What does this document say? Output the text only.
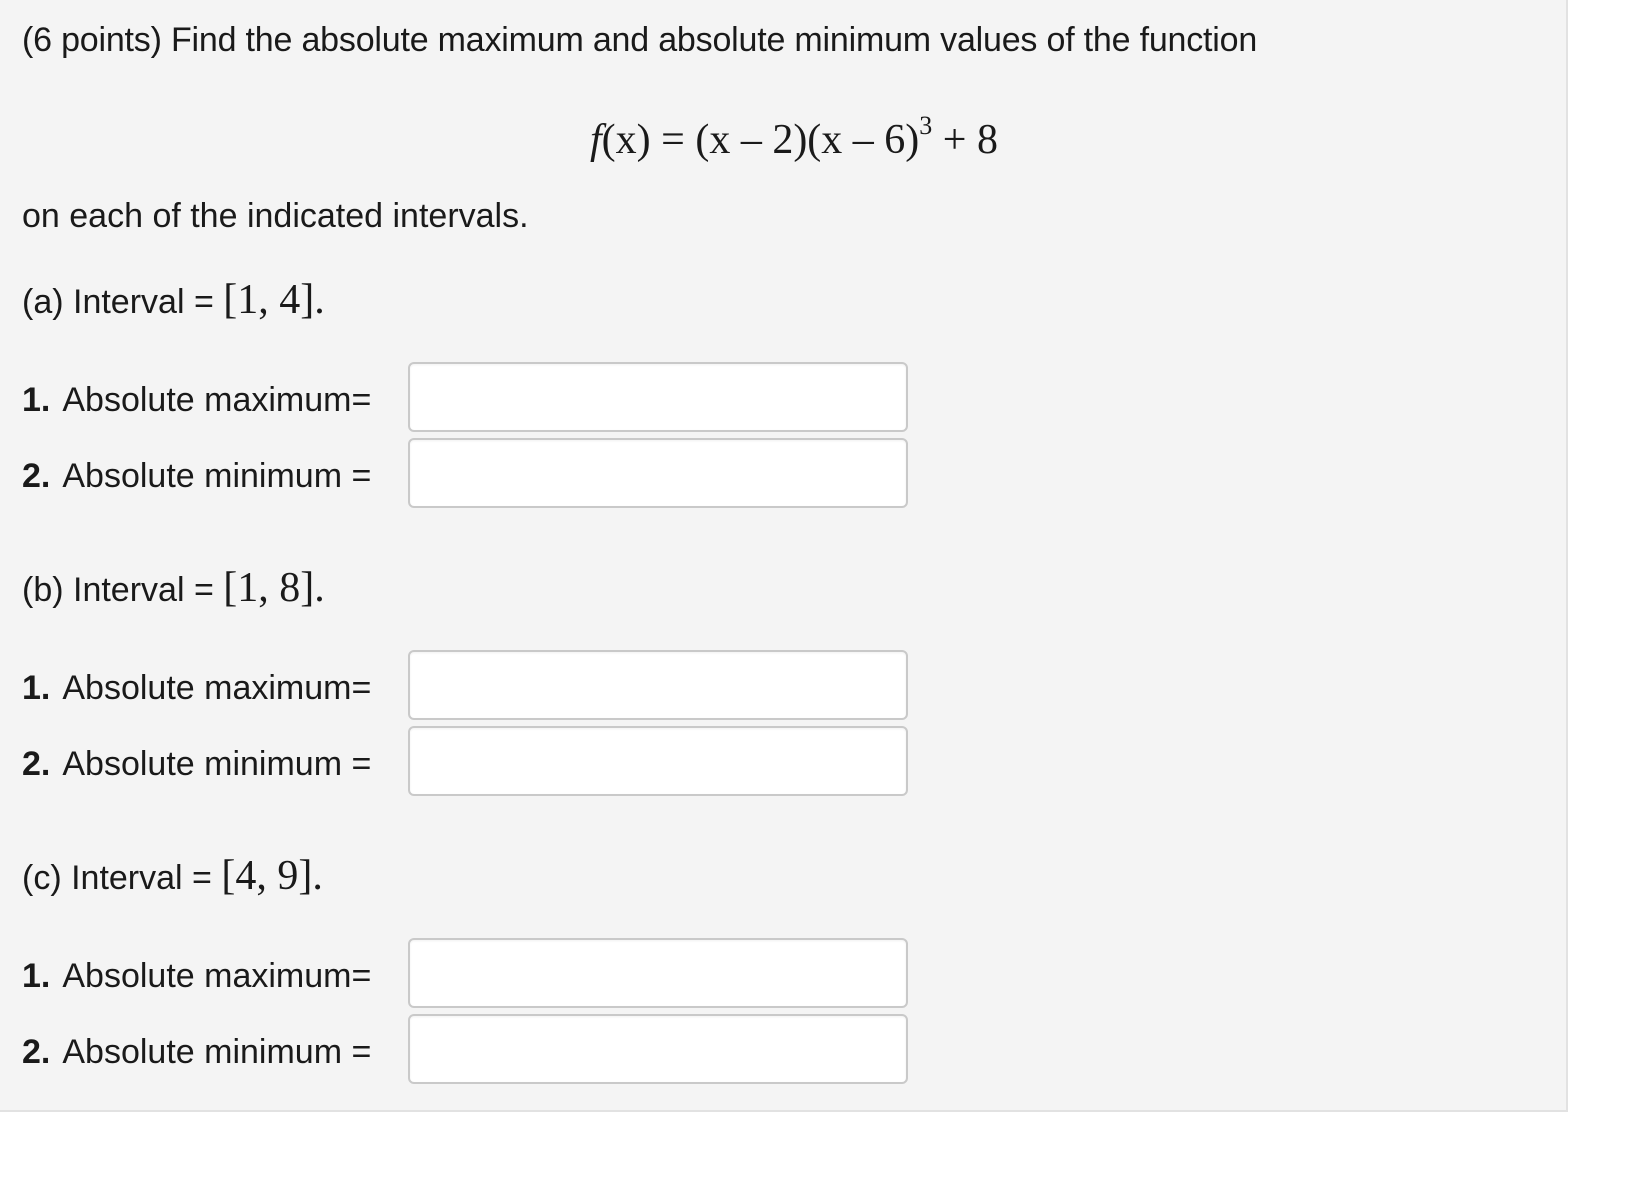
(6 points) Find the absolute maximum and absolute minimum values of the function
f(x) = (x – 2)(x – 6)$^3$ + 8
on each of the indicated intervals.
(a) Interval = [1, 4].
1. Absolute maximum=
2. Absolute minimum =
(b) Interval = [1, 8].
1. Absolute maximum=
2. Absolute minimum =
(c) Interval = [4, 9].
1. Absolute maximum=
2. Absolute minimum =
